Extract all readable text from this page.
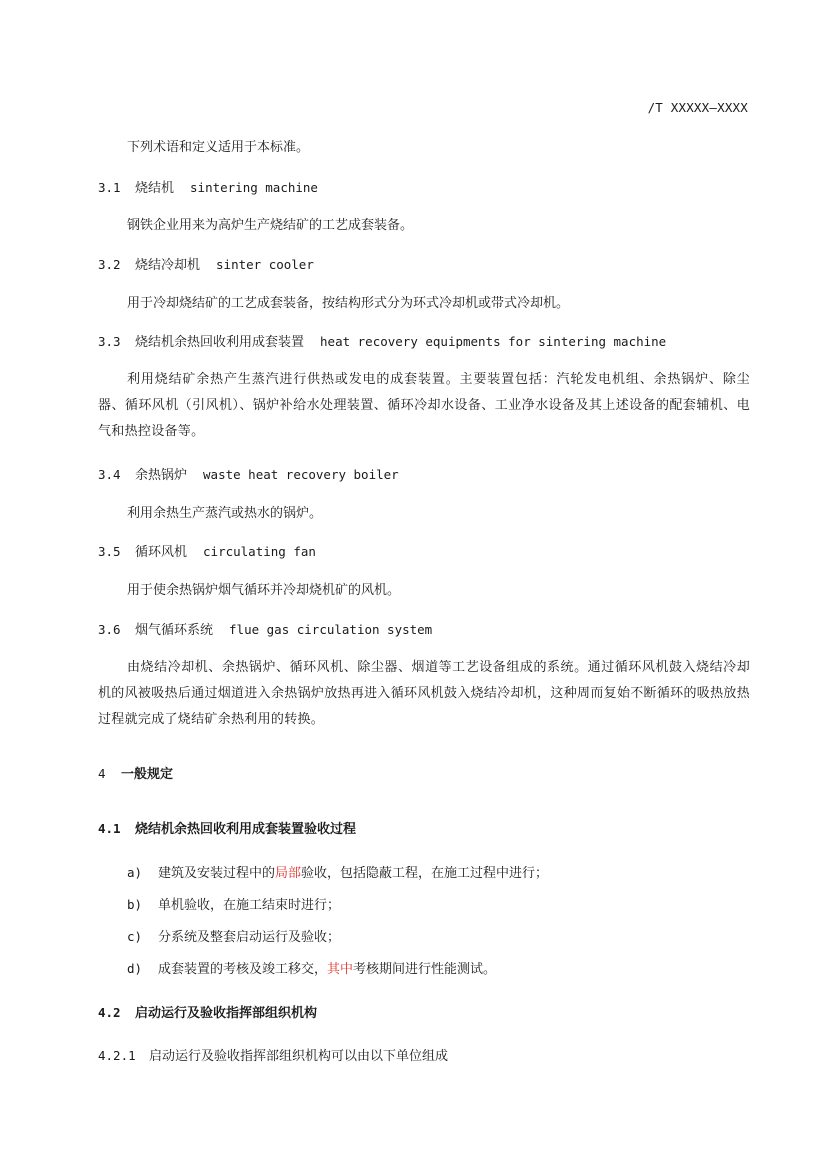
/T XXXXX—XXXX
下列术语和定义适用于本标准。
3.1	烧结机 sintering machine
钢铁企业用来为高炉生产烧结矿的工艺成套装备。
3.2	烧结冷却机 sinter cooler
用于冷却烧结矿的工艺成套装备，按结构形式分为环式冷却机或带式冷却机。
3.3	烧结机余热回收利用成套装置 heat recovery equipments for sintering machine
利用烧结矿余热产生蒸汽进行供热或发电的成套装置。主要装置包括：汽轮发电机组、余热锅炉、除尘器、循环风机（引风机）、锅炉补给水处理装置、循环冷却水设备、工业净水设备及其上述设备的配套辅机、电气和热控设备等。
3.4	余热锅炉 waste heat recovery boiler
利用余热生产蒸汽或热水的锅炉。
3.5	循环风机 circulating fan
用于使余热锅炉烟气循环并冷却烧机矿的风机。
3.6	烟气循环系统 flue gas circulation system
由烧结冷却机、余热锅炉、循环风机、除尘器、烟道等工艺设备组成的系统。通过循环风机鼓入烧结冷却机的风被吸热后通过烟道进入余热锅炉放热再进入循环风机鼓入烧结冷却机，这种周而复始不断循环的吸热放热过程就完成了烧结矿余热利用的转换。
4	一般规定
4.1	烧结机余热回收利用成套装置验收过程
a)	建筑及安装过程中的局部验收，包括隐蔽工程，在施工过程中进行；
b)	单机验收，在施工结束时进行；
c)	分系统及整套启动运行及验收；
d)	成套装置的考核及竣工移交，其中考核期间进行性能测试。
4.2	启动运行及验收指挥部组织机构
4.2.1	启动运行及验收指挥部组织机构可以由以下单位组成
